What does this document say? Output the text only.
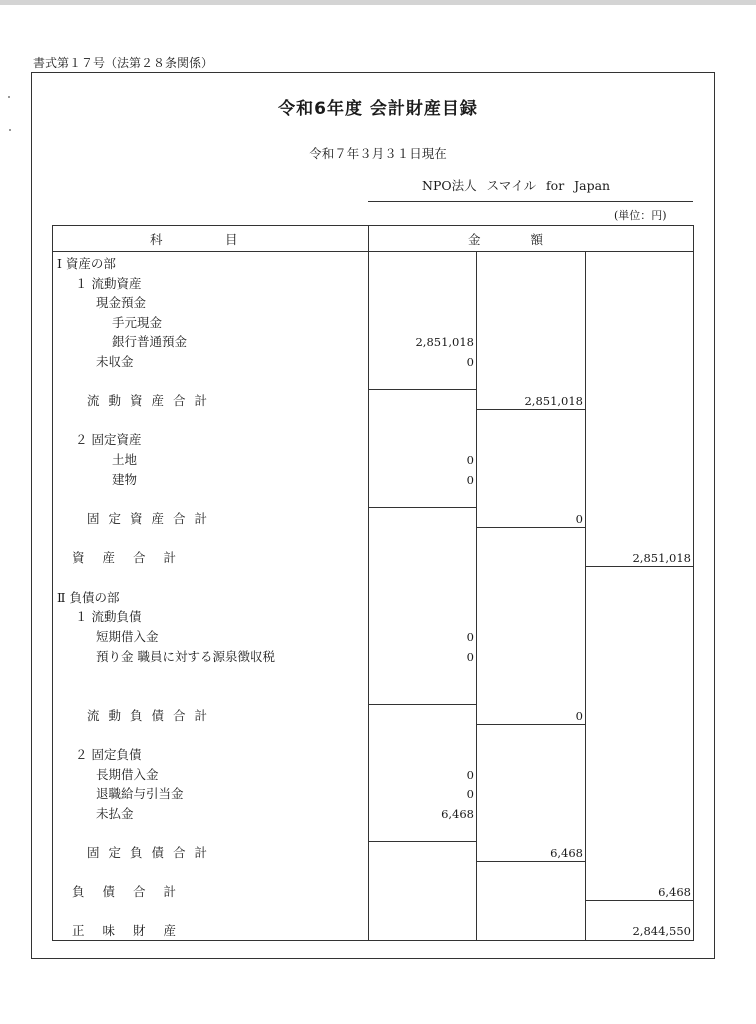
書式第１７号（法第２８条関係）
令和6年度 会計財産目録
令和７年３月３１日現在
NPO法人 スマイル for Japan
(単位：円)
科　　　　　目	金　　　　額
Ⅰ 資産の部
１ 流動資産
現金預金
手元現金
銀行普通預金	2,851,018
未収金	0
流動資産合計	2,851,018
２ 固定資産
土地	0
建物	0
固定資産合計	0
資産合計	2,851,018
Ⅱ 負債の部
１ 流動負債
短期借入金	0
預り金 職員に対する源泉徴収税	0
流動負債合計	0
２ 固定負債
長期借入金	0
退職給与引当金	0
未払金	6,468
固定負債合計	6,468
負債合計	6,468
正味財産	2,844,550
